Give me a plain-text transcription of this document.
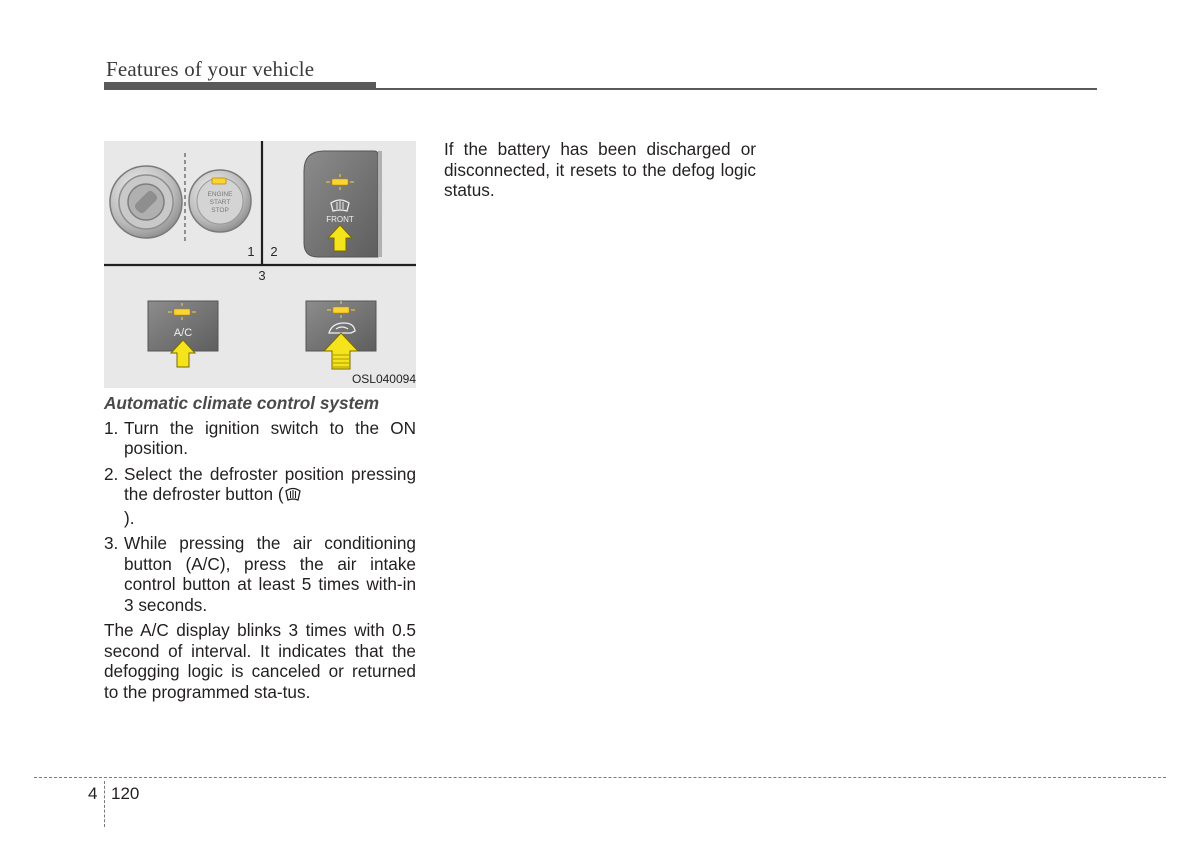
Features of your vehicle
ENGINE
START
STOP
1 2
3
FRONT
A/C
OSL040094

Automatic climate control system

1. Turn the ignition switch to the ON position.
2. Select the defroster position pressing the defroster button (
).
3. While pressing the air conditioning button (A/C), press the air intake control button at least 5 times with-in 3 seconds.

The A/C display blinks 3 times with 0.5 second of interval. It indicates that the defogging logic is canceled or returned to the programmed sta-tus.

If the battery has been discharged or disconnected, it resets to the defog logic status.

4 120
